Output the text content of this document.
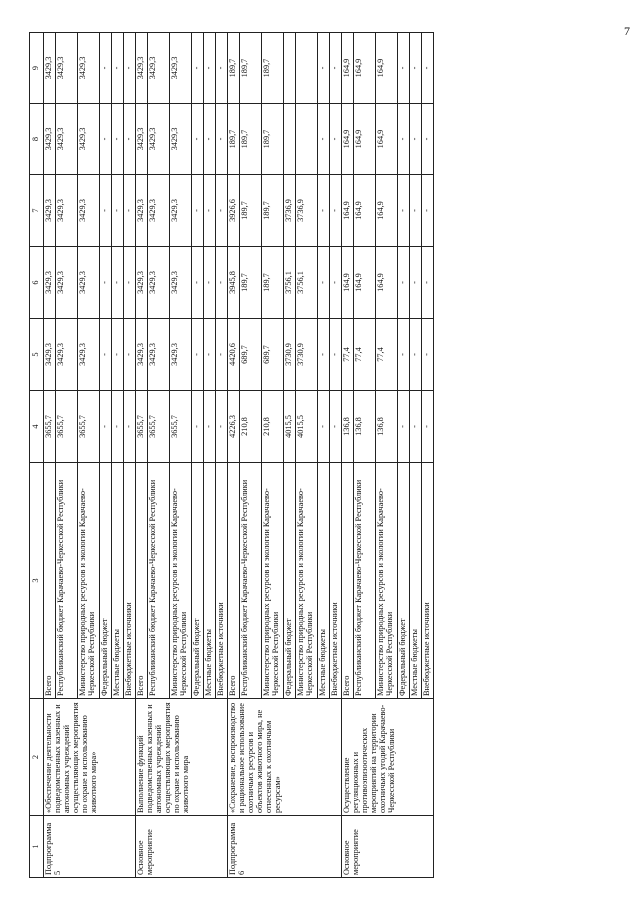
7
1	2	3	4	5	6	7	8	9
Подпрограмма 5	«Обеспечение деятельности подведомственных казенных и автономных учреждений осуществляющих мероприятия по охране и использованию животного мира»	Всего	3655,7	3429,3	3429,3	3429,3	3429,3	3429,3
		Республиканский бюджет Карачаево-Черкесской Республики	3655,7	3429,3	3429,3	3429,3	3429,3	3429,3
		Министерство природных ресурсов и экологии Карачаево-Черкесской Республики	3655,7	3429,3	3429,3	3429,3	3429,3	3429,3
		Федеральный бюджет	-	-	-	-	-	-
		Местные бюджеты	-	-	-	-	-	-
		Внебюджетные источники	-	-	-	-	-	-
Основное мероприятие	Выполнение функций подведомственных казенных и автономных учреждений осуществляющих мероприятия по охране и использованию животного мира	Всего	3655,7	3429,3	3429,3	3429,3	3429,3	3429,3
		Республиканский бюджет Карачаево-Черкесской Республики	3655,7	3429,3	3429,3	3429,3	3429,3	3429,3
		Министерство природных ресурсов и экологии Карачаево-Черкесской Республики	3655,7	3429,3	3429,3	3429,3	3429,3	3429,3
		Федеральный бюджет	-	-	-	-	-	-
		Местные бюджеты	-	-	-	-	-	-
		Внебюджетные источники	-	-	-	-	-	-
Подпрограмма 6	«Сохранение, воспроизводство и рациональное использование охотничьих ресурсов и объектов животного мира, не отнесенных к охотничьим ресурсам»	Всего	4226,3	4420,6	3945,8	3926,6	189,7	189,7
		Республиканский бюджет Карачаево-Черкесской Республики	210,8	689,7	189,7	189,7	189,7	189,7
		Министерство природных ресурсов и экологии Карачаево-Черкесской Республики	210,8	689,7	189,7	189,7	189,7	189,7
		Федеральный бюджет	4015,5	3730,9	3756,1	3736,9		
		Министерство природных ресурсов и экологии Карачаево-Черкесской Республики	4015,5	3730,9	3756,1	3736,9		
		Местные бюджеты	-	-	-	-	-	-
		Внебюджетные источники	-	-	-	-	-	-
Основное мероприятие	Осуществление регуляционных и противоэпизоотических мероприятий на территории охотничьих угодий Карачаево-Черкесской Республики	Всего	136,8	77,4	164,9	164,9	164,9	164,9
		Республиканский бюджет Карачаево-Черкесской Республики	136,8	77,4	164,9	164,9	164,9	164,9
		Министерство природных ресурсов и экологии Карачаево-Черкесской Республики	136,8	77,4	164,9	164,9	164,9	164,9
		Федеральный бюджет	-	-	-	-	-	-
		Местные бюджеты	-	-	-	-	-	-
		Внебюджетные источники	-	-	-	-	-	-
